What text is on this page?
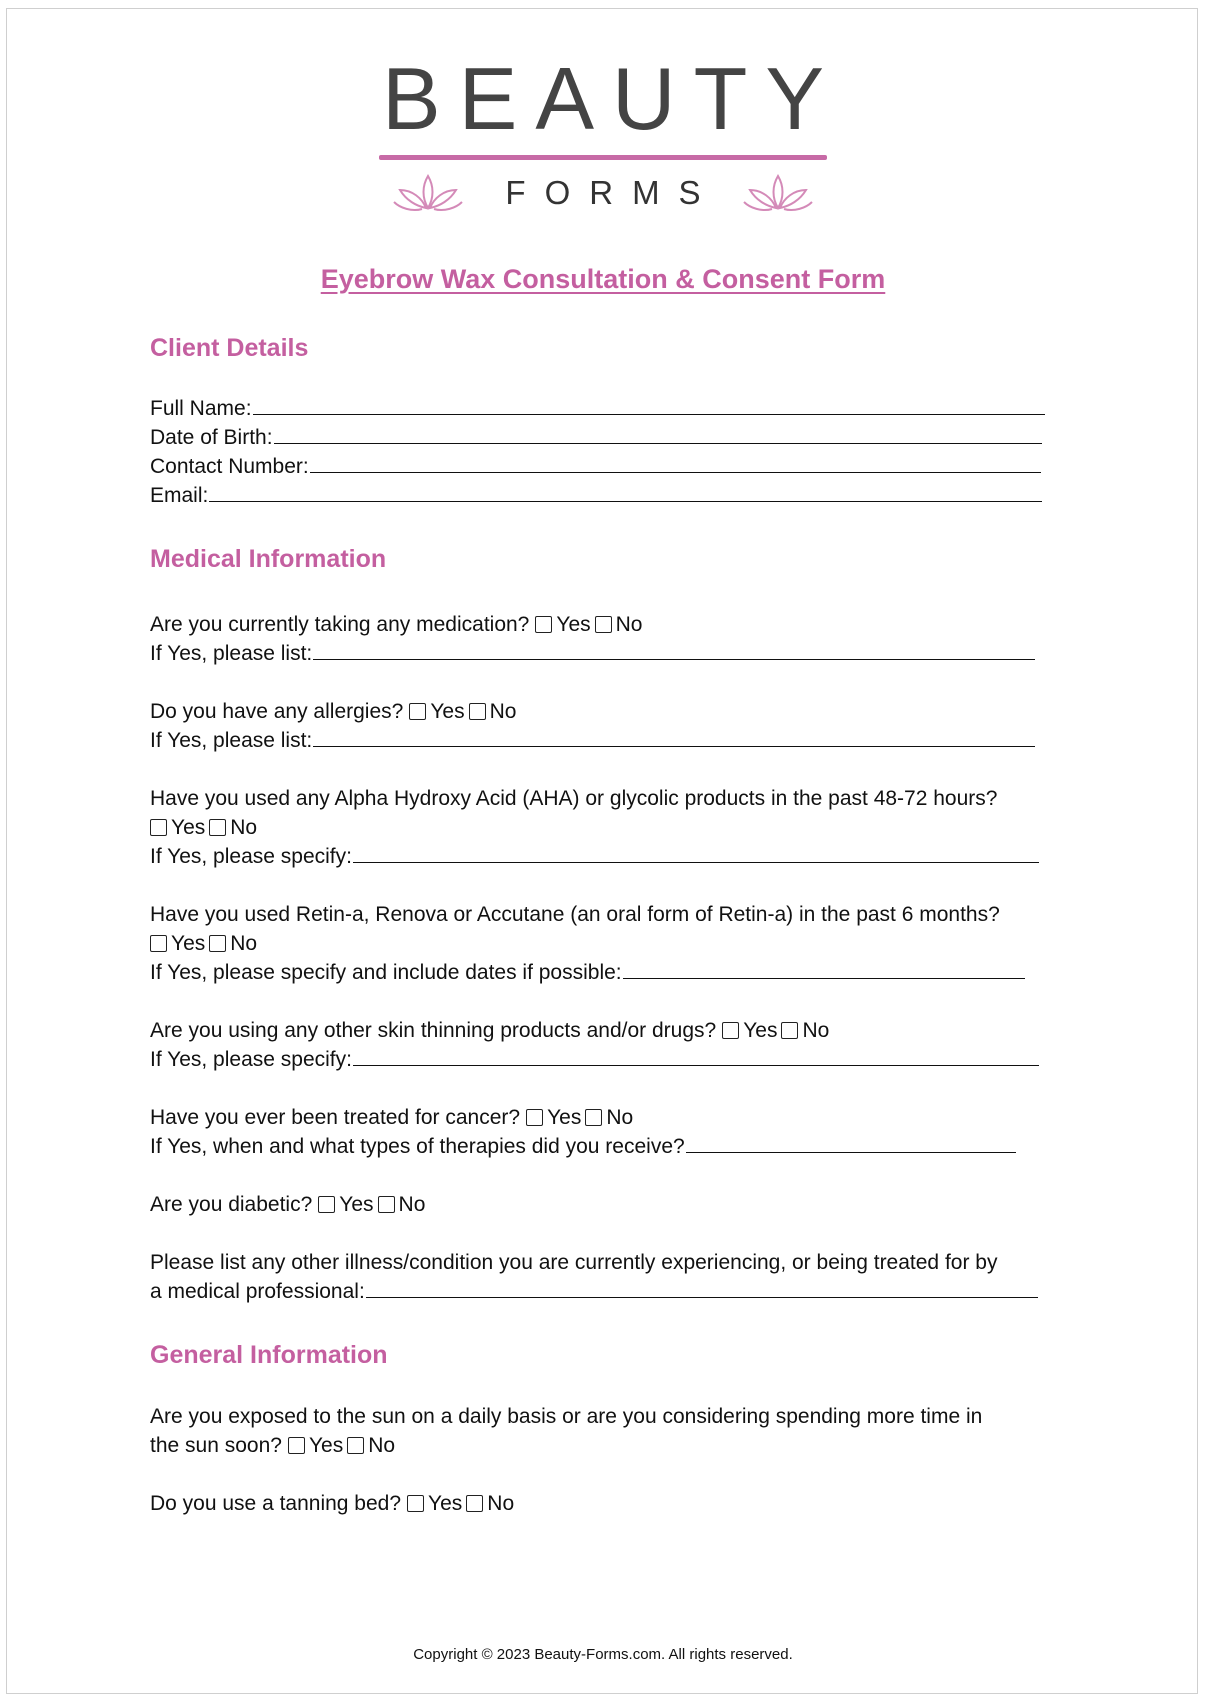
BEAUTY
FORMS
Eyebrow Wax Consultation & Consent Form
Client Details
Full Name:
Date of Birth:
Contact Number:
Email:
Medical Information
Are you currently taking any medication? Yes No
If Yes, please list:
Do you have any allergies? Yes No
If Yes, please list:
Have you used any Alpha Hydroxy Acid (AHA) or glycolic products in the past 48-72 hours?
Yes No
If Yes, please specify:
Have you used Retin-a, Renova or Accutane (an oral form of Retin-a) in the past 6 months?
Yes No
If Yes, please specify and include dates if possible:
Are you using any other skin thinning products and/or drugs? Yes No
If Yes, please specify:
Have you ever been treated for cancer? Yes No
If Yes, when and what types of therapies did you receive?
Are you diabetic? Yes No
Please list any other illness/condition you are currently experiencing, or being treated for by
a medical professional:
General Information
Are you exposed to the sun on a daily basis or are you considering spending more time in
the sun soon? Yes No
Do you use a tanning bed? Yes No
Copyright © 2023 Beauty-Forms.com. All rights reserved.
